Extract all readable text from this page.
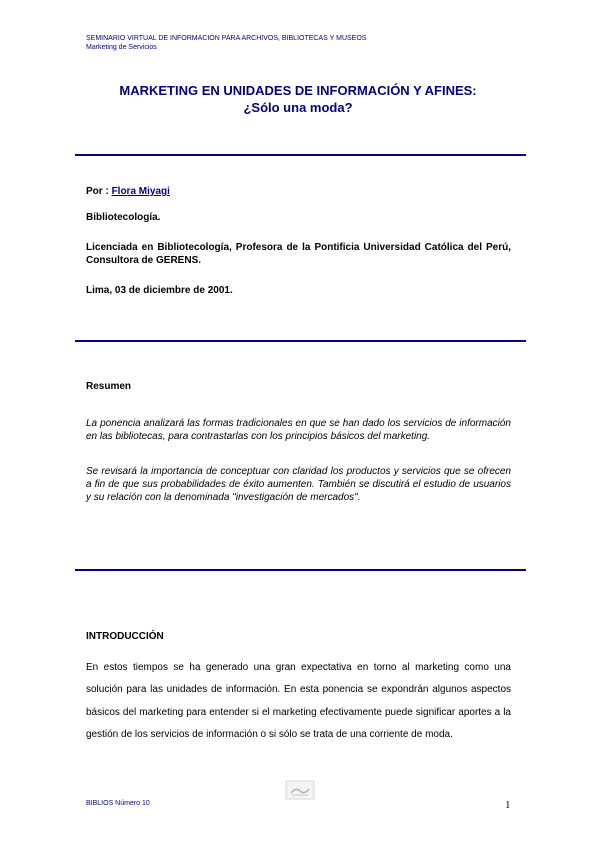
SEMINARIO VIRTUAL DE INFORMACIÓN PARA ARCHIVOS, BIBLIOTECAS Y MUSEOS
Marketing de Servicios
MARKETING EN UNIDADES DE INFORMACIÓN Y AFINES:
¿Sólo una moda?
Por : Flora Miyagi
Bibliotecología.
Licenciada en Bibliotecología, Profesora de la Pontificia Universidad Católica del Perú, Consultora de GERENS.
Lima, 03 de diciembre de 2001.
Resumen
La ponencia analizará las formas tradicionales en que se han dado los servicios de información en las bibliotecas, para contrastarlas con los principios básicos del marketing.
Se revisará la importancia de conceptuar con claridad los productos y servicios que se ofrecen a fin de que sus probabilidades de éxito aumenten. También se discutirá el estudio de usuarios y su relación con la denominada "investigación de mercados".
INTRODUCCIÓN
En estos tiempos se ha generado una gran expectativa en torno al marketing como una solución para las unidades de información. En esta ponencia se expondrán algunos aspectos básicos del marketing para entender si el marketing efectivamente puede significar aportes a la gestión de los servicios de información o si sólo se trata de una corriente de moda.
BIBLIOS Número 10	1
